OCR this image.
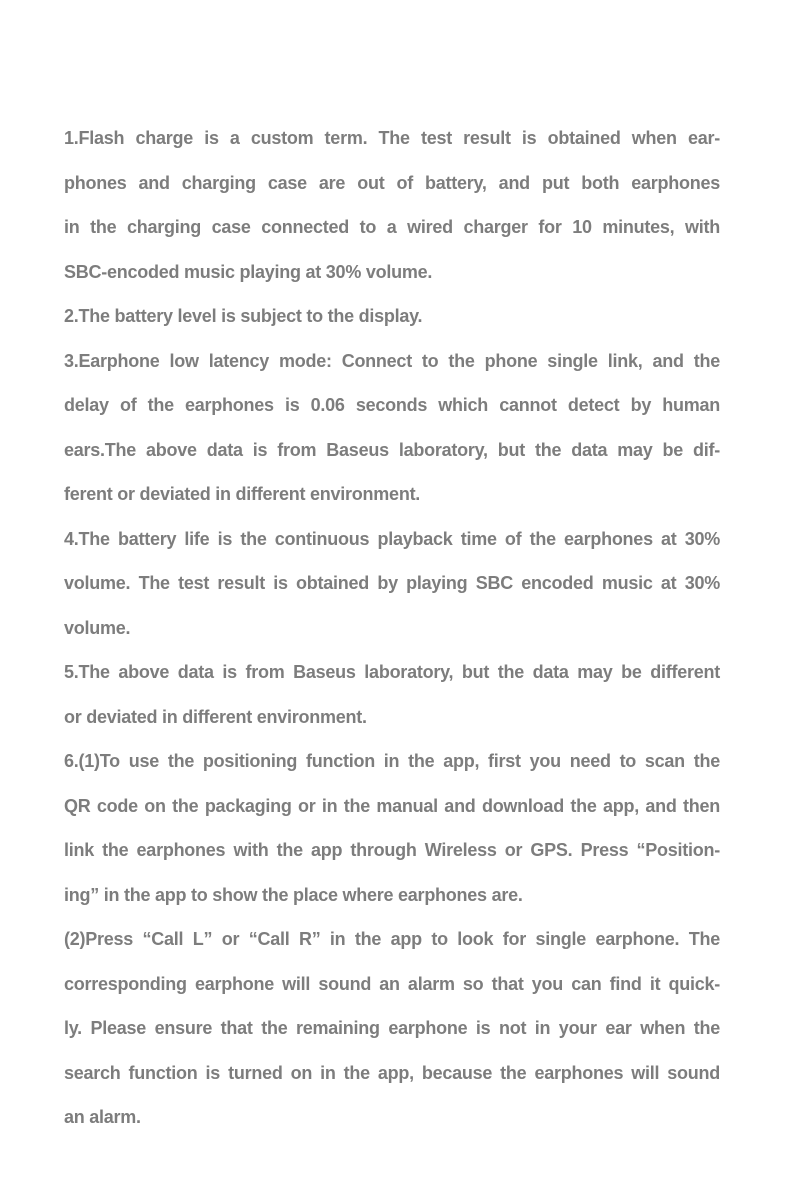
1.Flash charge is a custom term. The test result is obtained when ear-
phones and charging case are out of battery, and put both earphones
in the charging case connected to a wired charger for 10 minutes, with
SBC-encoded music playing at 30% volume.
2.The battery level is subject to the display.
3.Earphone low latency mode: Connect to the phone single link, and the
delay of the earphones is 0.06 seconds which cannot detect by human
ears.The above data is from Baseus laboratory, but the data may be dif-
ferent or deviated in different environment.
4.The battery life is the continuous playback time of the earphones at 30%
volume. The test result is obtained by playing SBC encoded music at 30%
volume.
5.The above data is from Baseus laboratory, but the data may be different
or deviated in different environment.
6.(1)To use the positioning function in the app, first you need to scan the
QR code on the packaging or in the manual and download the app, and then
link the earphones with the app through Wireless or GPS. Press “Position-
ing” in the app to show the place where earphones are.
(2)Press “Call L” or “Call R” in the app to look for single earphone. The
corresponding earphone will sound an alarm so that you can find it quick-
ly. Please ensure that the remaining earphone is not in your ear when the
search function is turned on in the app, because the earphones will sound
an alarm.
